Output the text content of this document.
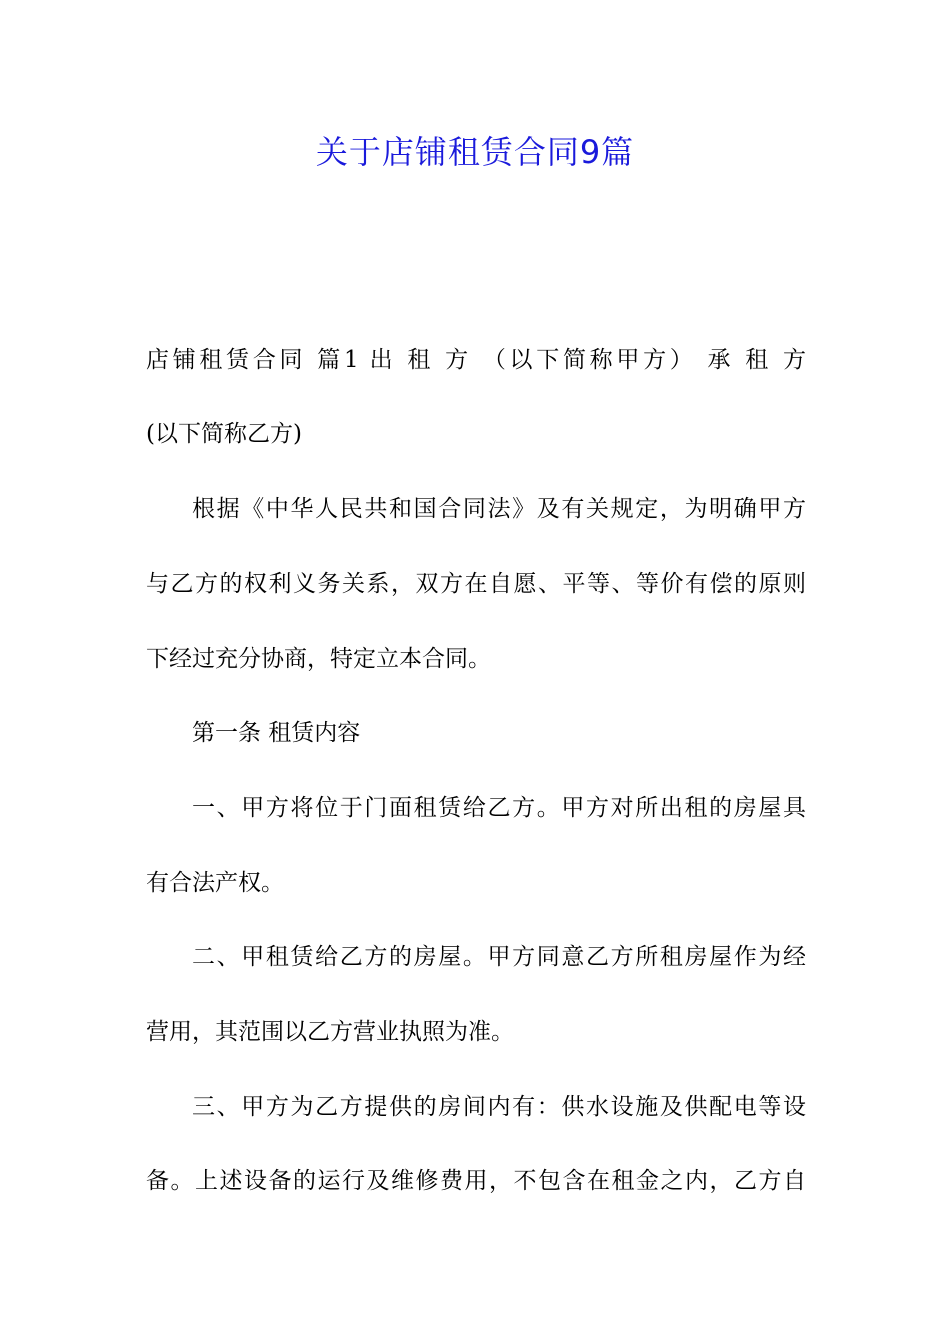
关于店铺租赁合同9篇
店铺租赁合同 篇1 出 租 方 （以下简称甲方） 承 租 方
(以下简称乙方)
根据《中华人民共和国合同法》及有关规定，为明确甲方
与乙方的权利义务关系，双方在自愿、平等、等价有偿的原则
下经过充分协商，特定立本合同。
第一条 租赁内容
一、甲方将位于门面租赁给乙方。甲方对所出租的房屋具
有合法产权。
二、甲租赁给乙方的房屋。甲方同意乙方所租房屋作为经
营用，其范围以乙方营业执照为准。
三、甲方为乙方提供的房间内有：供水设施及供配电等设
备。上述设备的运行及维修费用，不包含在租金之内，乙方自
